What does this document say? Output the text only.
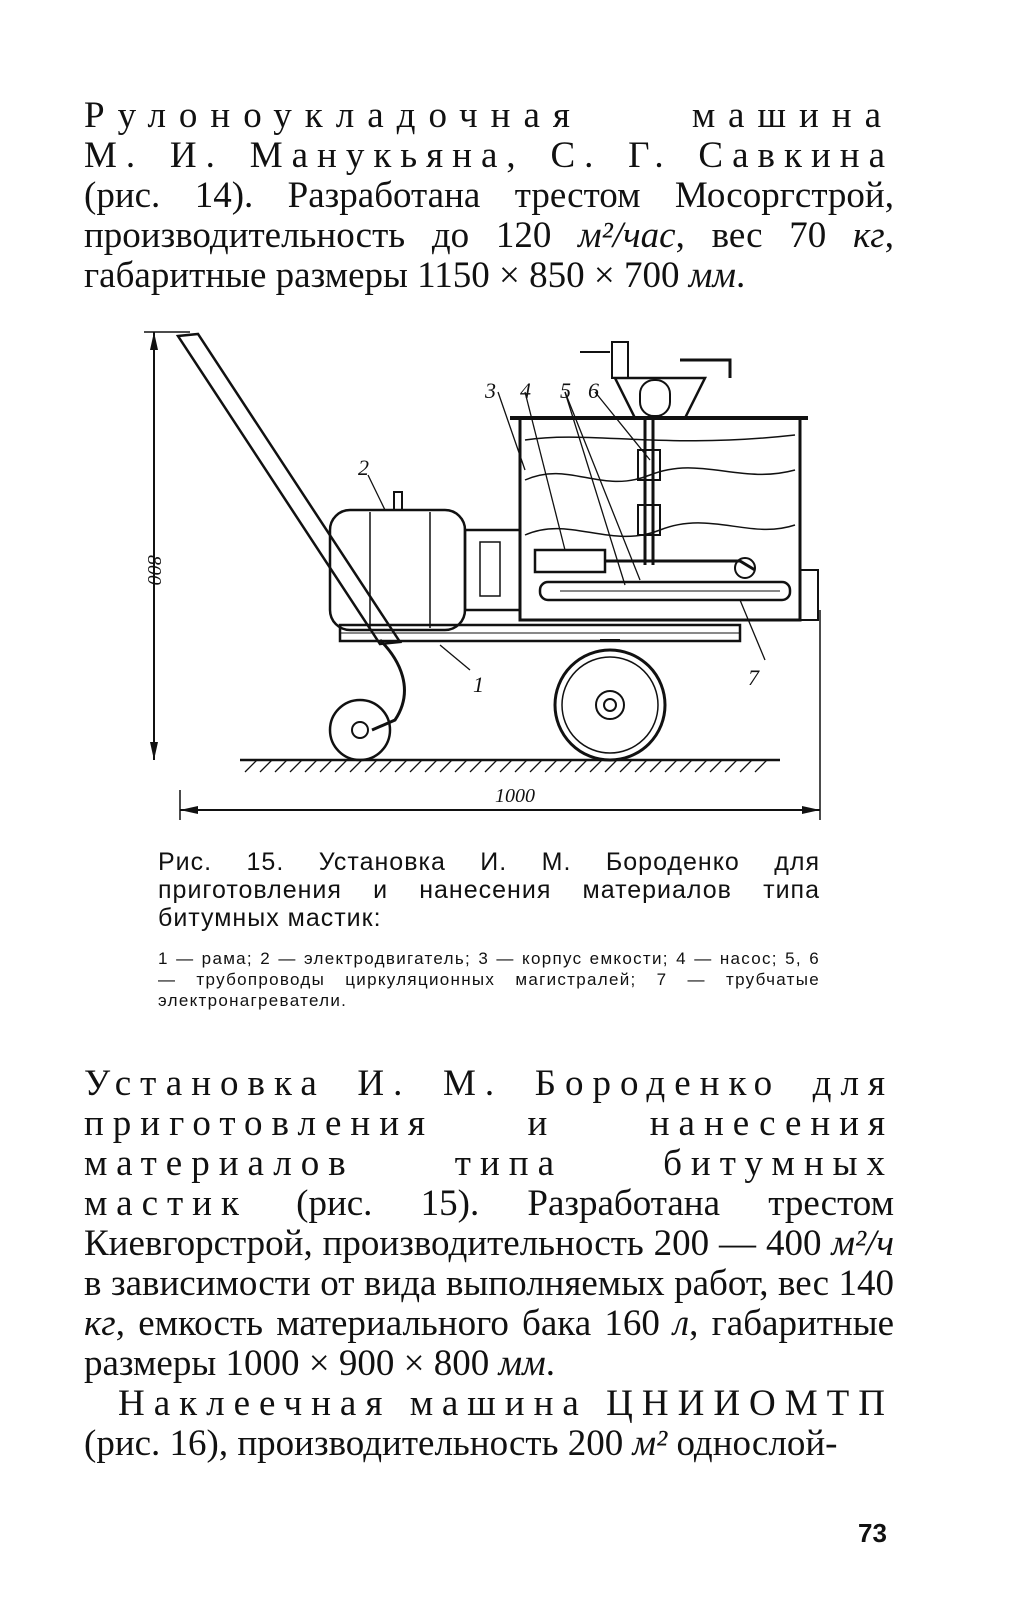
Рулоноукладочная машина
М. И. Манукьяна, С. Г. Савкина
(рис. 14). Разработана трестом Мосоргстрой, производительность до 120 м²/час, вес 70 кг, габаритные размеры 1150 × 850 × 700 мм.
800
1000
3 4 5 6
2
7
1
Рис. 15. Установка И. М. Бороденко для приготовления и нанесения материалов типа битумных мастик:
1 — рама; 2 — электродвигатель; 3 — корпус емкости; 4 — насос; 5, 6 — трубопроводы циркуляционных магистралей; 7 — трубчатые электронагреватели.
Установка И. М. Бороденко для приготовления и нанесения материалов типа битумных мастик (рис. 15). Разработана трестом Киевгорстрой, производительность 200 — 400 м²/ч в зависимости от вида выполняемых работ, вес 140 кг, емкость материального бака 160 л, габаритные размеры 1000 × 900 × 800 мм.
Наклеечная машина ЦНИИОМТП (рис. 16), производительность 200 м² однослой-
73
